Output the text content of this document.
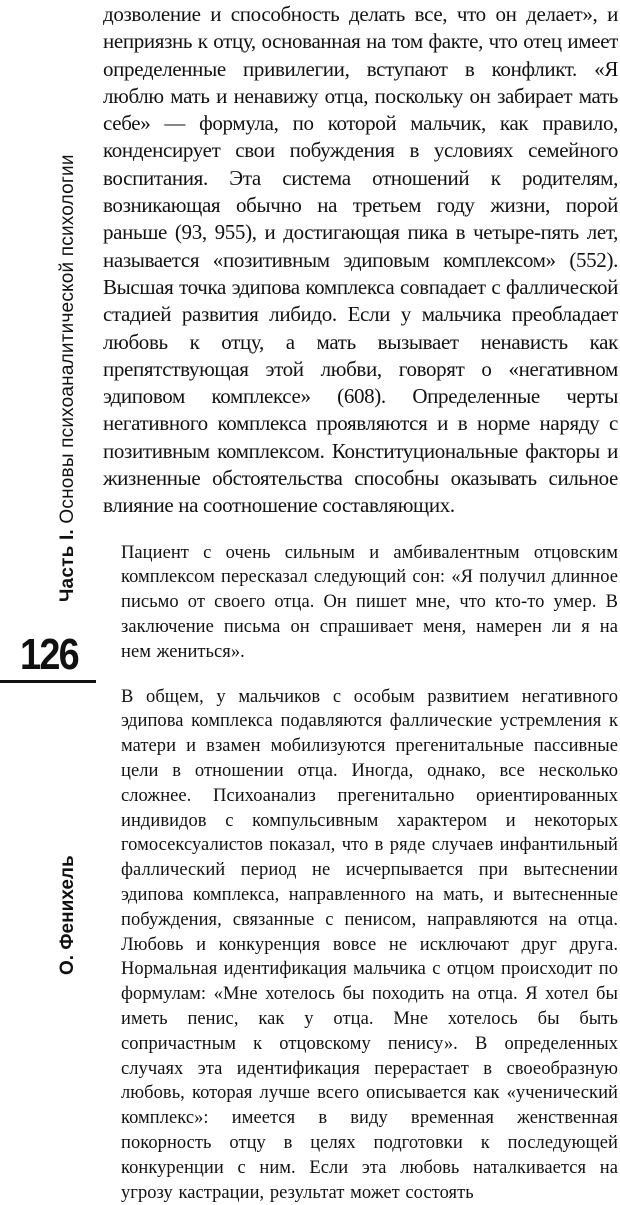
Часть I. Основы психоаналитической психологии
126
О. Фенихель

дозволение и способность делать все, что он делает», и неприязнь к отцу, основанная на том факте, что отец имеет определенные привилегии, вступают в конфликт. «Я люблю мать и ненавижу отца, поскольку он забирает мать себе» — формула, по которой мальчик, как правило, конденсирует свои побуждения в условиях семейного воспитания. Эта система отношений к родителям, возникающая обычно на третьем году жизни, порой раньше (93, 955), и достигающая пика в четыре-пять лет, называется «позитивным эдиповым комплексом» (552). Высшая точка эдипова комплекса совпадает с фаллической стадией развития либидо. Если у мальчика преобладает любовь к отцу, а мать вызывает ненависть как препятствующая этой любви, говорят о «негативном эдиповом комплексе» (608). Определенные черты негативного комплекса проявляются и в норме наряду с позитивным комплексом. Конституциональные факторы и жизненные обстоятельства способны оказывать сильное влияние на соотношение составляющих.

Пациент с очень сильным и амбивалентным отцовским комплексом пересказал следующий сон: «Я получил длинное письмо от своего отца. Он пишет мне, что кто-то умер. В заключение письма он спрашивает меня, намерен ли я на нем жениться».

В общем, у мальчиков с особым развитием негативного эдипова комплекса подавляются фаллические устремления к матери и взамен мобилизуются прегенитальные пассивные цели в отношении отца. Иногда, однако, все несколько сложнее. Психоанализ прегенитально ориентированных индивидов с компульсивным характером и некоторых гомосексуалистов показал, что в ряде случаев инфантильный фаллический период не исчерпывается при вытеснении эдипова комплекса, направленного на мать, и вытесненные побуждения, связанные с пенисом, направляются на отца. Любовь и конкуренция вовсе не исключают друг друга. Нормальная идентификация мальчика с отцом происходит по формулам: «Мне хотелось бы походить на отца. Я хотел бы иметь пенис, как у отца. Мне хотелось бы быть сопричастным к отцовскому пенису». В определенных случаях эта идентификация перерастает в своеобразную любовь, которая лучше всего описывается как «ученический комплекс»: имеется в виду временная женственная покорность отцу в целях подготовки к последующей конкуренции с ним. Если эта любовь наталкивается на угрозу кастрации, результат может состоять
